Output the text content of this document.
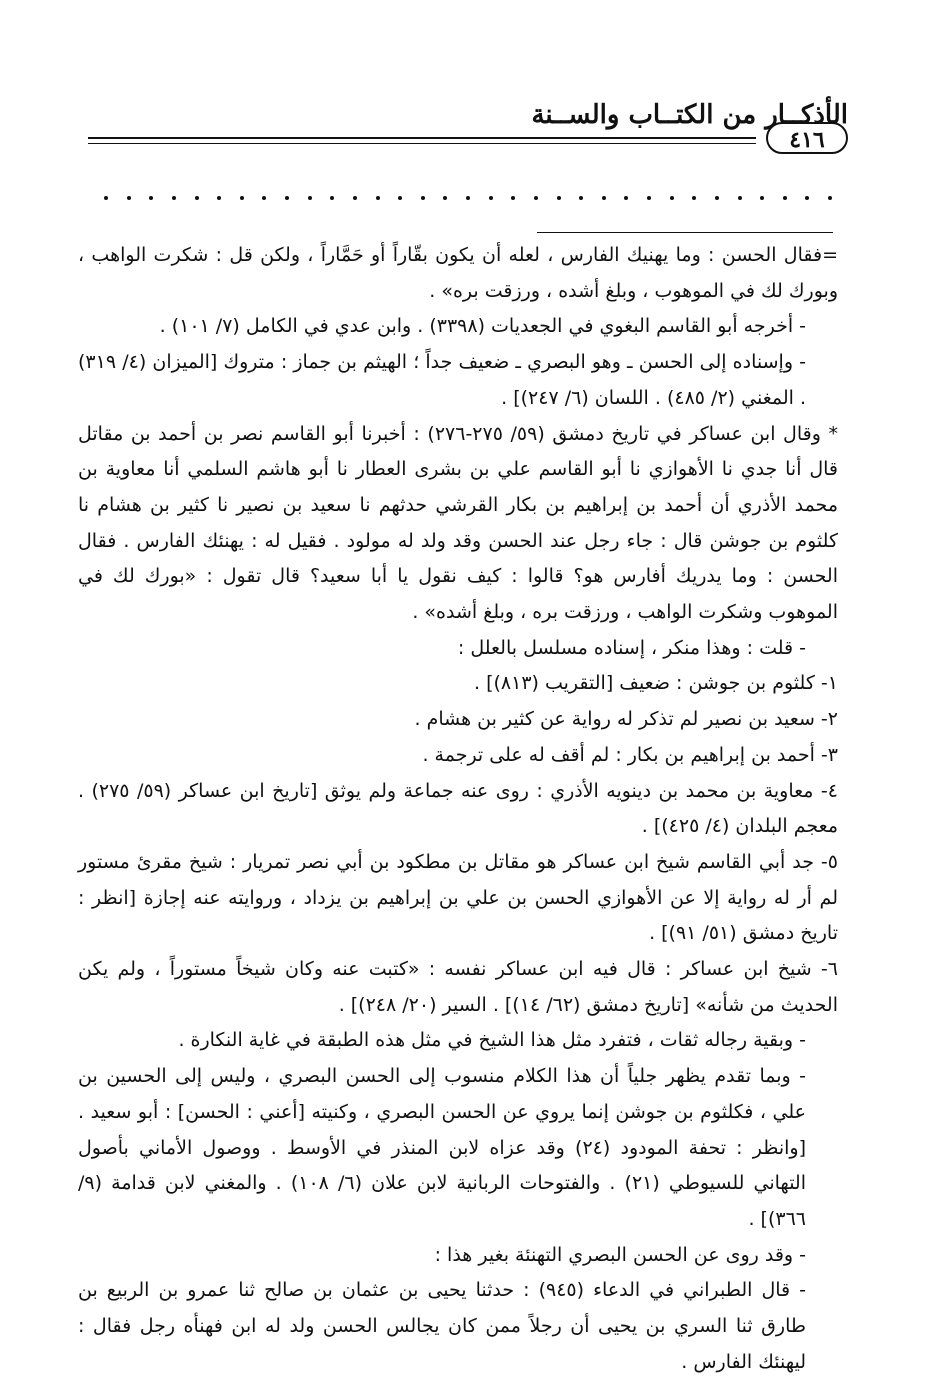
الأذكــار من الكتــاب والســنة
٤١٦

=فقال الحسن : وما يهنيك الفارس ، لعله أن يكون بقّاراً أو حَمَّاراً ، ولكن قل : شكرت الواهب ، وبورك لك في الموهوب ، وبلغ أشده ، ورزقت بره» .

- أخرجه أبو القاسم البغوي في الجعديات (٣٣٩٨) . وابن عدي في الكامل (٧/ ١٠١) .

- وإسناده إلى الحسن ـ وهو البصري ـ ضعيف جداً ؛ الهيثم بن جماز : متروك [الميزان (٤/ ٣١٩) . المغني (٢/ ٤٨٥) . اللسان (٦/ ٢٤٧)] .

* وقال ابن عساكر في تاريخ دمشق (٥٩/ ٢٧٥-٢٧٦) : أخبرنا أبو القاسم نصر بن أحمد بن مقاتل قال أنا جدي نا الأهوازي نا أبو القاسم علي بن بشرى العطار نا أبو هاشم السلمي أنا معاوية بن محمد الأذري أن أحمد بن إبراهيم بن بكار القرشي حدثهم نا سعيد بن نصير نا كثير بن هشام نا كلثوم بن جوشن قال : جاء رجل عند الحسن وقد ولد له مولود . فقيل له : يهنئك الفارس . فقال الحسن : وما يدريك أفارس هو؟ قالوا : كيف نقول يا أبا سعيد؟ قال تقول : «بورك لك في الموهوب وشكرت الواهب ، ورزقت بره ، وبلغ أشده» .

- قلت : وهذا منكر ، إسناده مسلسل بالعلل :

١- كلثوم بن جوشن : ضعيف [التقريب (٨١٣)] .

٢- سعيد بن نصير لم تذكر له رواية عن كثير بن هشام .

٣- أحمد بن إبراهيم بن بكار : لم أقف له على ترجمة .

٤- معاوية بن محمد بن دينويه الأذري : روى عنه جماعة ولم يوثق [تاريخ ابن عساكر (٥٩/ ٢٧٥) . معجم البلدان (٤/ ٤٢٥)] .

٥- جد أبي القاسم شيخ ابن عساكر هو مقاتل بن مطكود بن أبي نصر تمريار : شيخ مقرئ مستور لم أر له رواية إلا عن الأهوازي الحسن بن علي بن إبراهيم بن يزداد ، وروايته عنه إجازة [انظر : تاريخ دمشق (٥١/ ٩١)] .

٦- شيخ ابن عساكر : قال فيه ابن عساكر نفسه : «كتبت عنه وكان شيخاً مستوراً ، ولم يكن الحديث من شأنه» [تاريخ دمشق (٦٢/ ١٤)] . السير (٢٠/ ٢٤٨)] .

- وبقية رجاله ثقات ، فتفرد مثل هذا الشيخ في مثل هذه الطبقة في غاية النكارة .

- وبما تقدم يظهر جلياً أن هذا الكلام منسوب إلى الحسن البصري ، وليس إلى الحسين بن علي ، فكلثوم بن جوشن إنما يروي عن الحسن البصري ، وكنيته [أعني : الحسن] : أبو سعيد . [وانظر : تحفة المودود (٢٤) وقد عزاه لابن المنذر في الأوسط . ووصول الأماني بأصول التهاني للسيوطي (٢١) . والفتوحات الربانية لابن علان (٦/ ١٠٨) . والمغني لابن قدامة (٩/ ٣٦٦)] .

- وقد روى عن الحسن البصري التهنئة بغير هذا :

- قال الطبراني في الدعاء (٩٤٥) : حدثنا يحيى بن عثمان بن صالح ثنا عمرو بن الربيع بن طارق ثنا السري بن يحيى أن رجلاً ممن كان يجالس الحسن ولد له ابن فهنأه رجل فقال : ليهنئك الفارس .
